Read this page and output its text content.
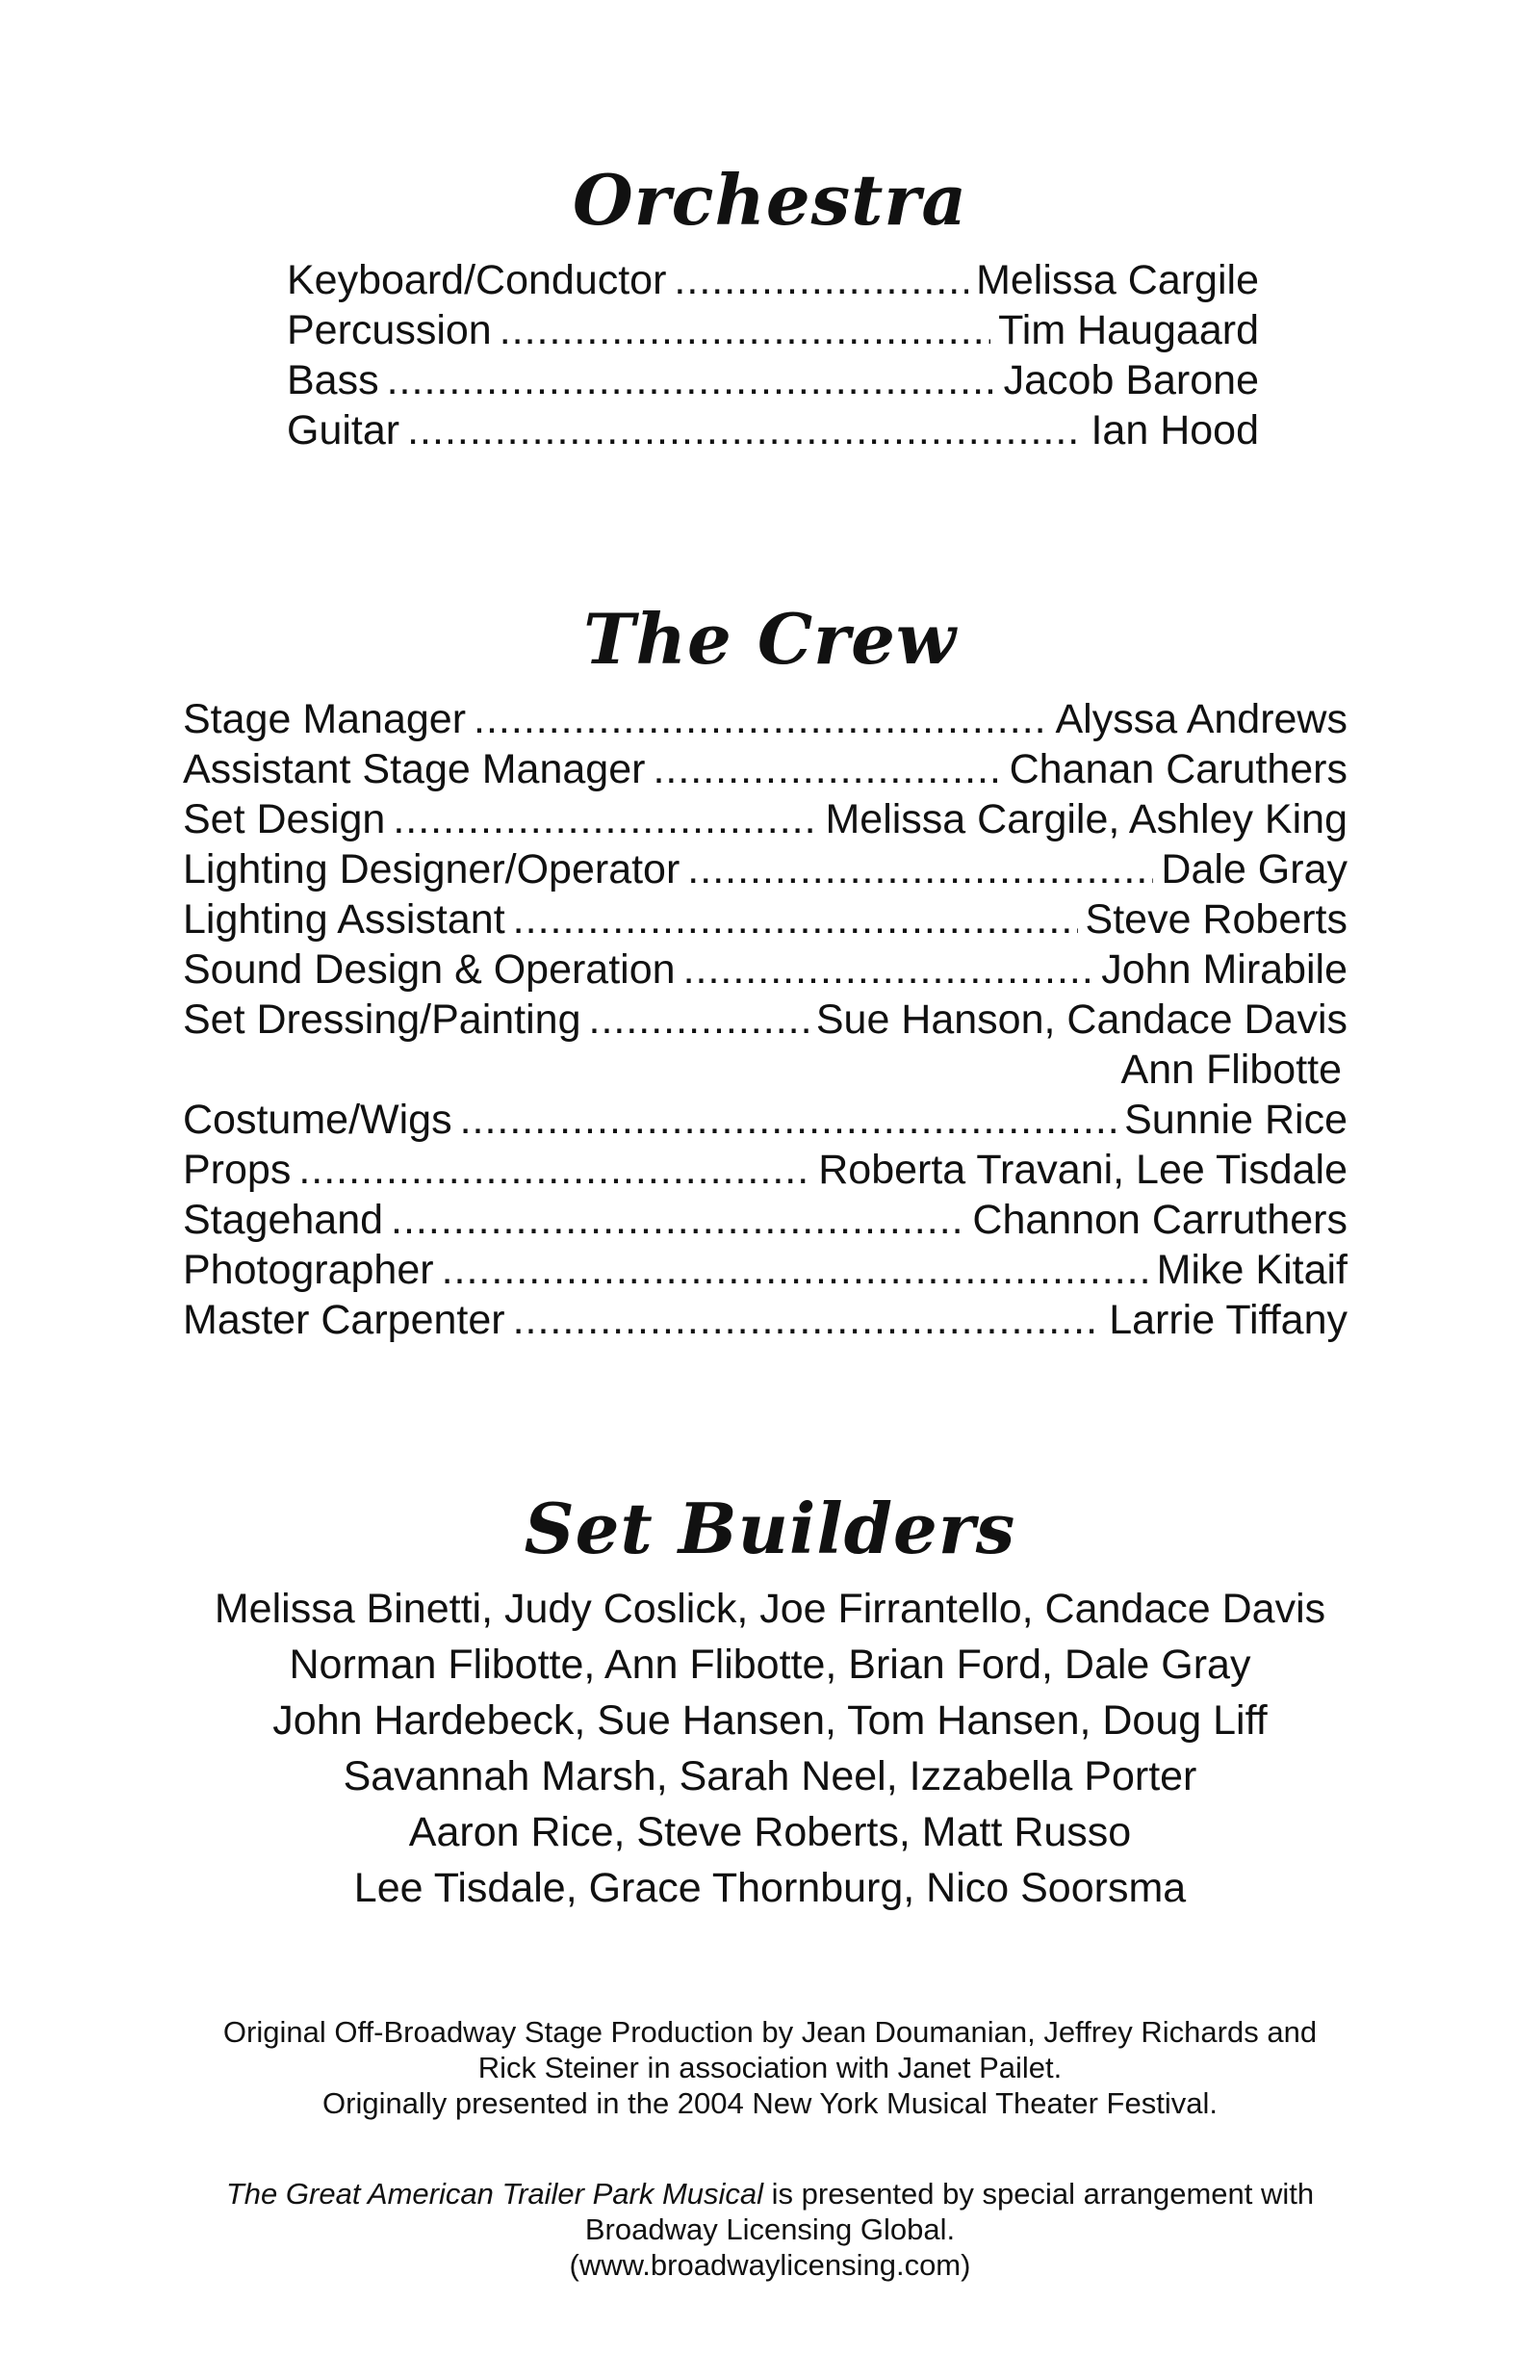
Orchestra
Keyboard/Conductor .....	Melissa Cargile
Percussion .....	Tim Haugaard
Bass .....	Jacob Barone
Guitar .....	Ian Hood
The Crew
Stage Manager .....	Alyssa Andrews
Assistant Stage Manager .....	Chanan Caruthers
Set Design .....	Melissa Cargile, Ashley King
Lighting Designer/Operator .....	Dale Gray
Lighting Assistant .....	Steve Roberts
Sound Design & Operation .....	John Mirabile
Set Dressing/Painting .....	Sue Hanson, Candace Davis
Ann Flibotte
Costume/Wigs .....	Sunnie Rice
Props .....	Roberta Travani, Lee Tisdale
Stagehand .....	Channon Carruthers
Photographer .....	Mike Kitaif
Master Carpenter .....	Larrie Tiffany
Set Builders
Melissa Binetti, Judy Coslick, Joe Firrantello, Candace Davis
Norman Flibotte, Ann Flibotte, Brian Ford, Dale Gray
John Hardebeck, Sue Hansen, Tom Hansen, Doug Liff
Savannah Marsh, Sarah Neel, Izzabella Porter
Aaron Rice, Steve Roberts, Matt Russo
Lee Tisdale, Grace Thornburg, Nico Soorsma
Original Off-Broadway Stage Production by Jean Doumanian, Jeffrey Richards and
Rick Steiner in association with Janet Pailet.
Originally presented in the 2004 New York Musical Theater Festival.
The Great American Trailer Park Musical is presented by special arrangement with
Broadway Licensing Global.
(www.broadwaylicensing.com)
